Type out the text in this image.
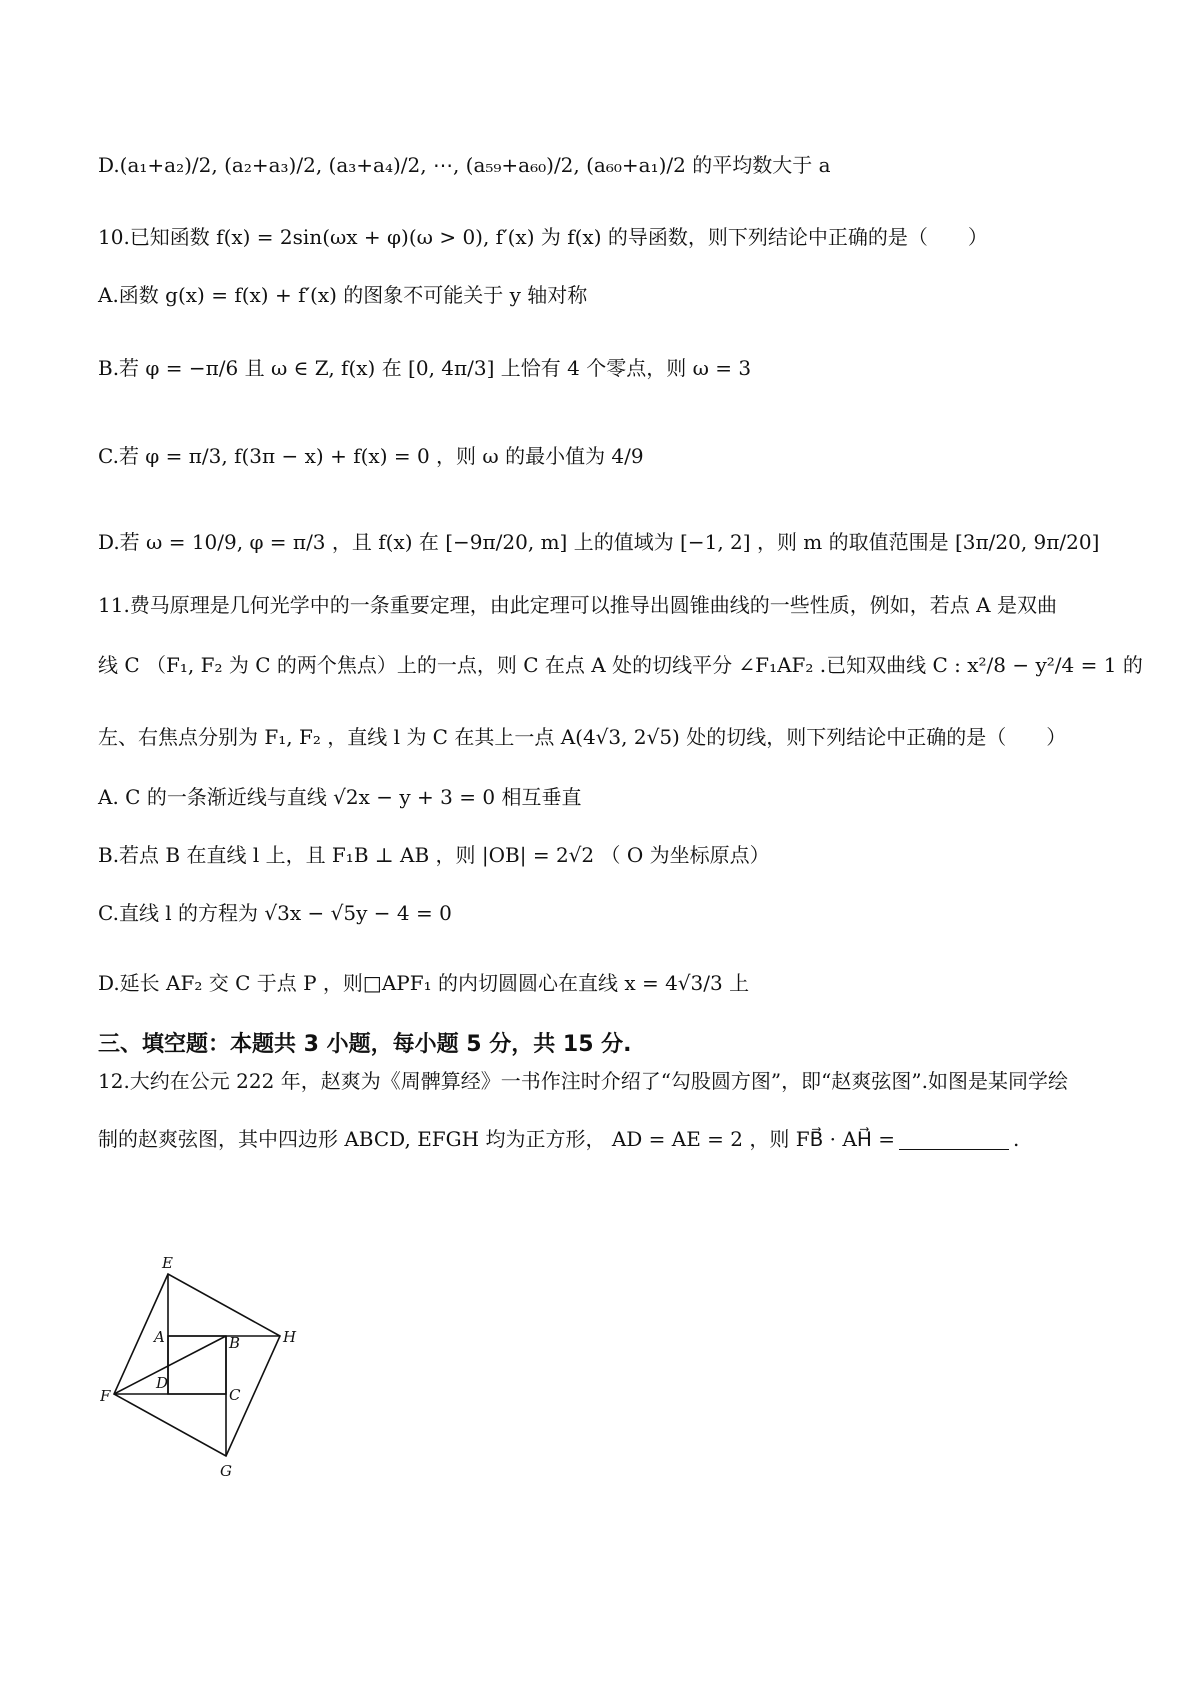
D.(a₁+a₂)/2, (a₂+a₃)/2, (a₃+a₄)/2, ⋯, (a₅₉+a₆₀)/2, (a₆₀+a₁)/2 的平均数大于 a
10.已知函数 f(x) = 2sin(ωx + φ)(ω > 0), f′(x) 为 f(x) 的导函数，则下列结论中正确的是（　　）
A.函数 g(x) = f(x) + f′(x) 的图象不可能关于 y 轴对称
B.若 φ = −π/6 且 ω ∈ Z, f(x) 在 [0, 4π/3] 上恰有 4 个零点，则 ω = 3
C.若 φ = π/3, f(3π − x) + f(x) = 0 ，则 ω 的最小值为 4/9
D.若 ω = 10/9, φ = π/3 ，且 f(x) 在 [−9π/20, m] 上的值域为 [−1, 2] ，则 m 的取值范围是 [3π/20, 9π/20]
11.费马原理是几何光学中的一条重要定理，由此定理可以推导出圆锥曲线的一些性质，例如，若点 A 是双曲
线 C （F₁, F₂ 为 C 的两个焦点）上的一点，则 C 在点 A 处的切线平分 ∠F₁AF₂ .已知双曲线 C : x²/8 − y²/4 = 1 的
左、右焦点分别为 F₁, F₂ ，直线 l 为 C 在其上一点 A(4√3, 2√5) 处的切线，则下列结论中正确的是（　　）
A. C 的一条渐近线与直线 √2x − y + 3 = 0 相互垂直
B.若点 B 在直线 l 上，且 F₁B ⊥ AB ，则 |OB| = 2√2 （ O 为坐标原点）
C.直线 l 的方程为 √3x − √5y − 4 = 0
D.延长 AF₂ 交 C 于点 P ，则□APF₁ 的内切圆圆心在直线 x = 4√3/3 上
三、填空题：本题共 3 小题，每小题 5 分，共 15 分.
12.大约在公元 222 年，赵爽为《周髀算经》一书作注时介绍了“勾股圆方图”，即“赵爽弦图”.如图是某同学绘
制的赵爽弦图，其中四边形 ABCD, EFGH 均为正方形， AD = AE = 2 ，则 FB⃗ · AH⃗ =	.
E
A	B	H
D
F	C
G
